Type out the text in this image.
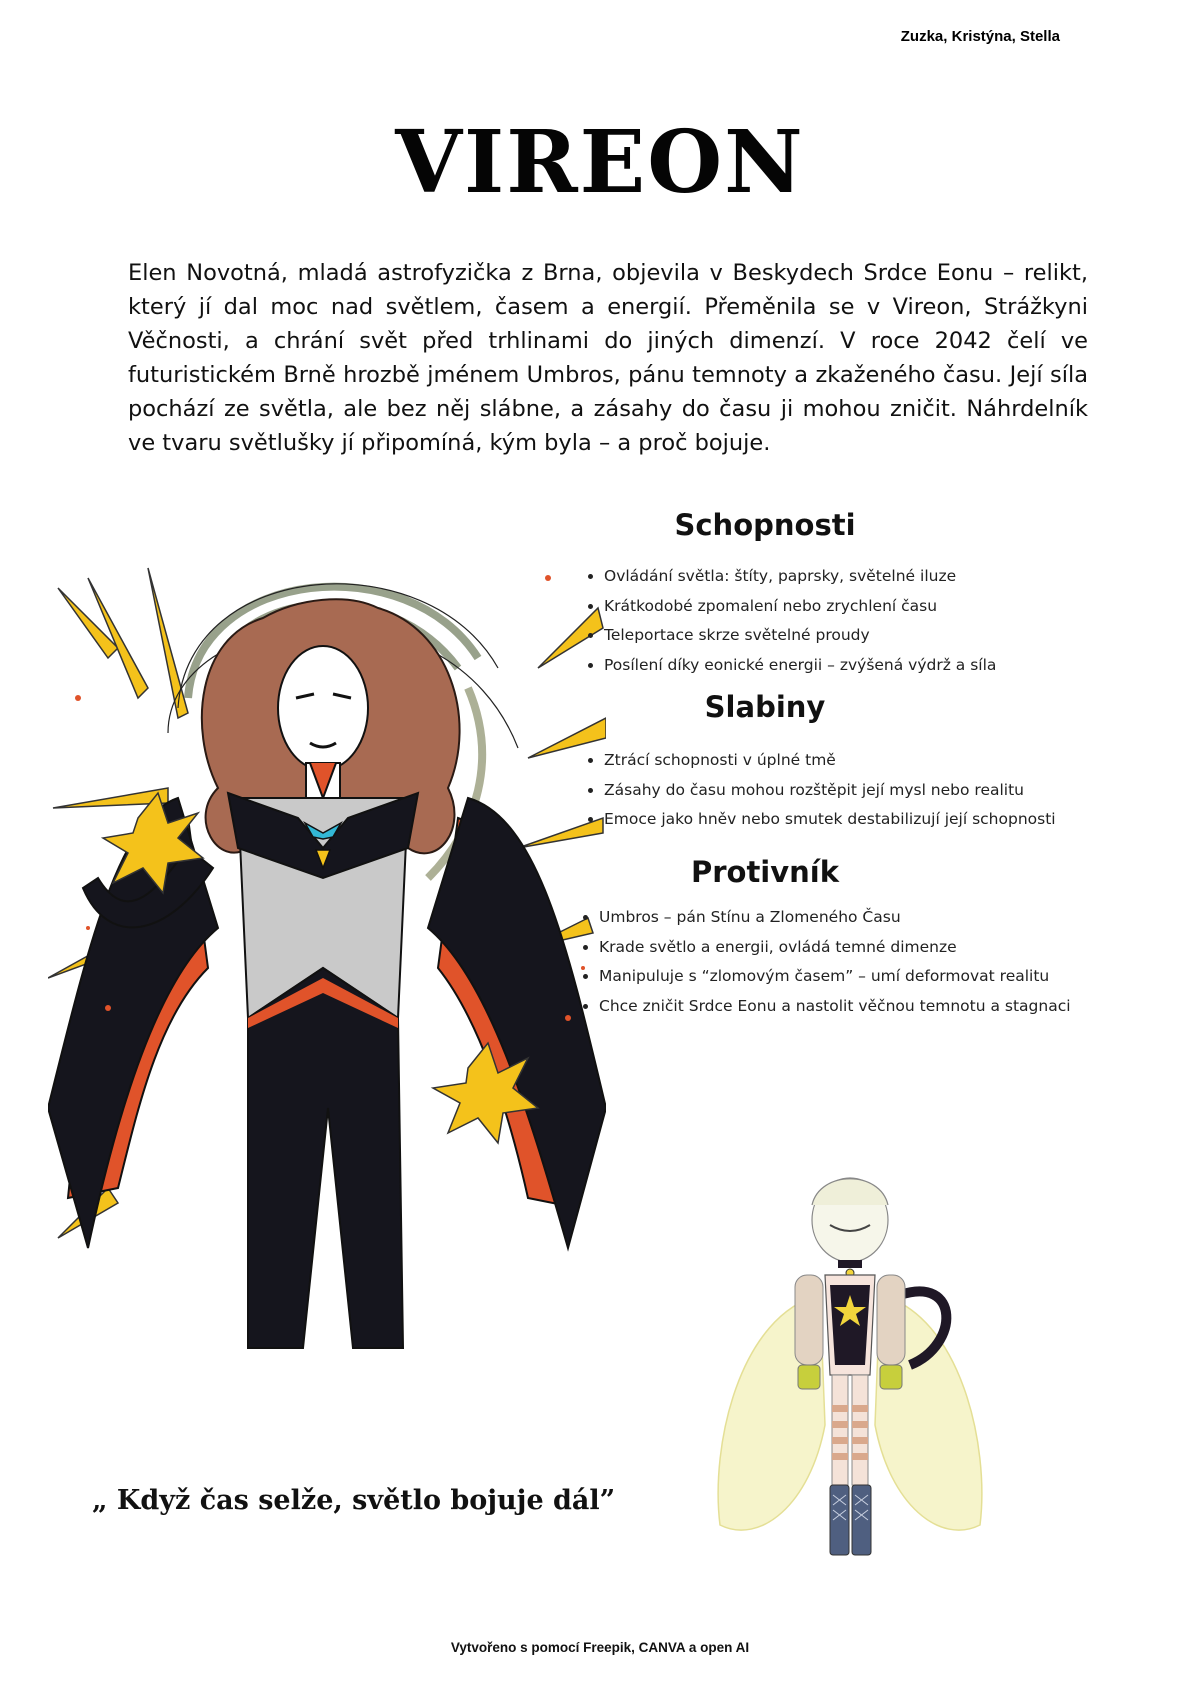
Zuzka, Kristýna, Stella
VIREON

Elen Novotná, mladá astrofyzička z Brna, objevila v Beskydech Srdce Eonu – relikt, který jí dal moc nad světlem, časem a energií. Přeměnila se v Vireon, Strážkyni Věčnosti, a chrání svět před trhlinami do jiných dimenzí. V roce 2042 čelí ve futuristickém Brně hrozbě jménem Umbros, pánu temnoty a zkaženého času. Její síla pochází ze světla, ale bez něj slábne, a zásahy do času ji mohou zničit. Náhrdelník ve tvaru světlušky jí připomíná, kým byla – a proč bojuje.

Schopnosti
• Ovládání světla: štíty, paprsky, světelné iluze
• Krátkodobé zpomalení nebo zrychlení času
• Teleportace skrze světelné proudy
• Posílení díky eonické energii – zvýšená výdrž a síla
Slabiny
• Ztrácí schopnosti v úplné tmě
• Zásahy do času mohou rozštěpit její mysl nebo realitu
• Emoce jako hněv nebo smutek destabilizují její schopnosti
Protivník
• Umbros – pán Stínu a Zlomeného Času
• Krade světlo a energii, ovládá temné dimenze
• Manipuluje s “zlomovým časem” – umí deformovat realitu
• Chce zničit Srdce Eonu a nastolit věčnou temnotu a stagnaci

„ Když čas selže, světlo bojuje dál”

Vytvořeno s pomocí Freepik, CANVA a open AI
